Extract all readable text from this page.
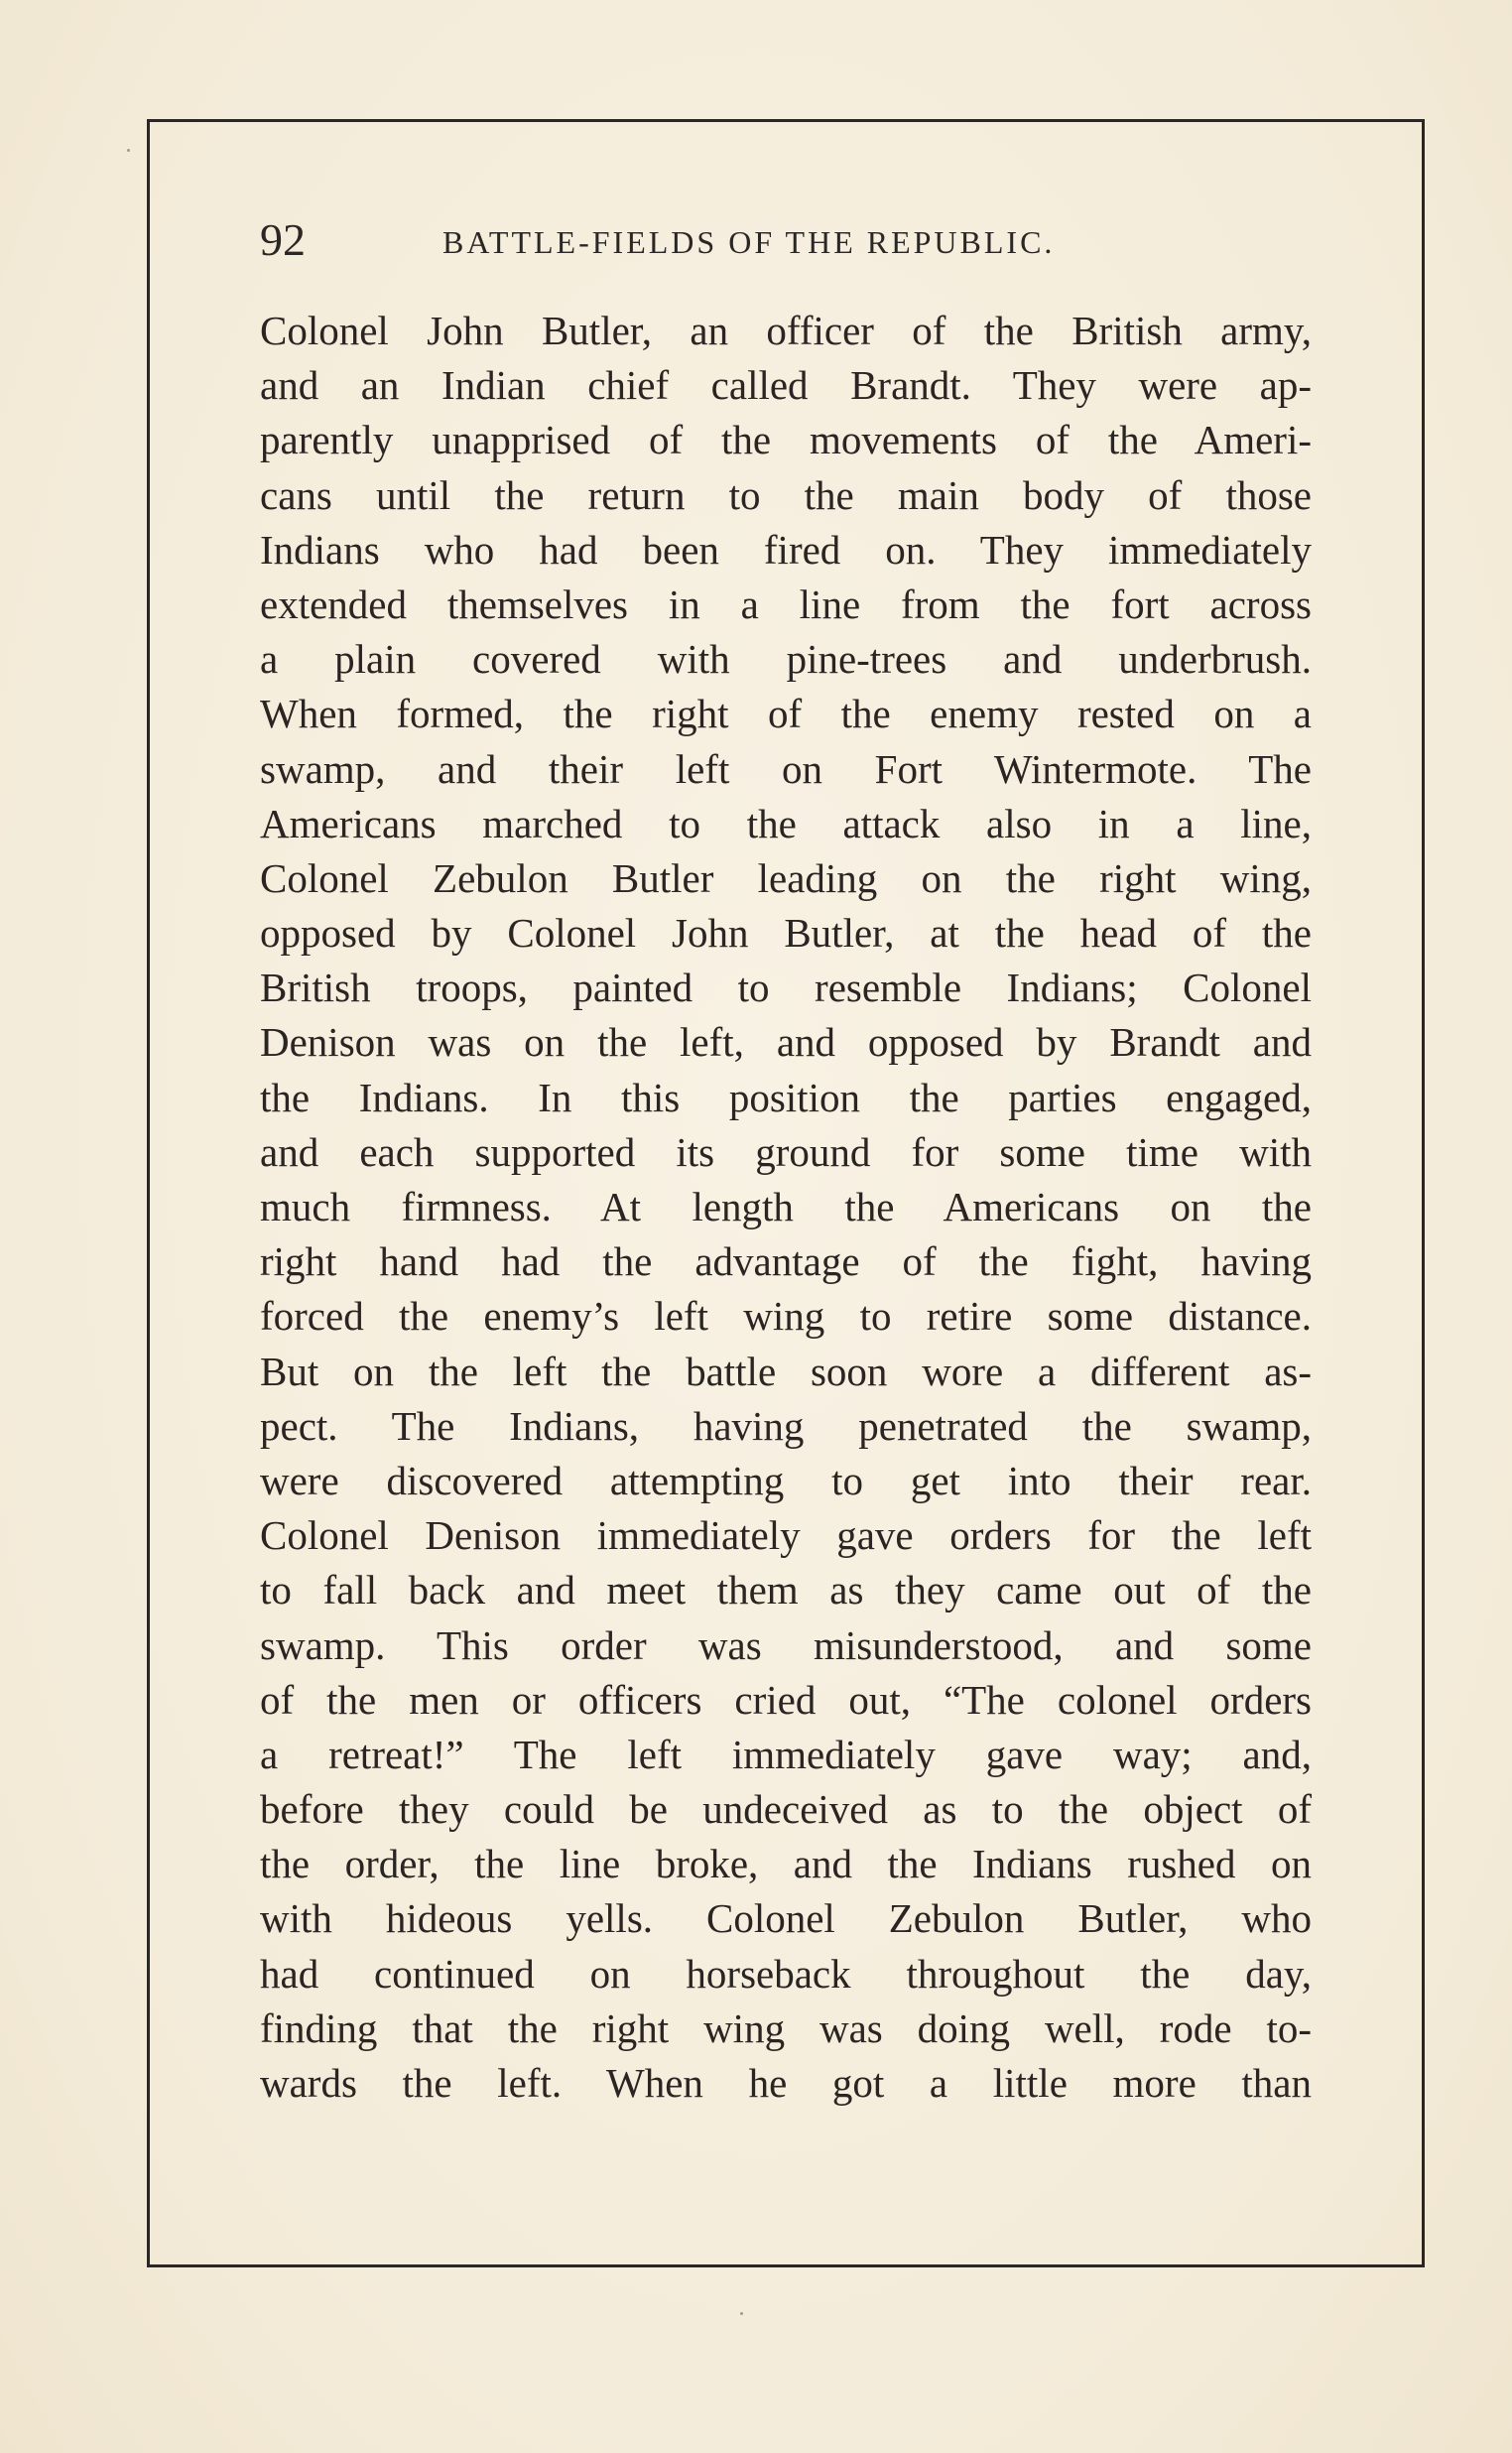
92	BATTLE-FIELDS OF THE REPUBLIC.
Colonel John Butler, an officer of the British army,
and an Indian chief called Brandt. They were ap-
parently unapprised of the movements of the Ameri-
cans until the return to the main body of those
Indians who had been fired on. They immediately
extended themselves in a line from the fort across
a plain covered with pine-trees and underbrush.
When formed, the right of the enemy rested on a
swamp, and their left on Fort Wintermote. The
Americans marched to the attack also in a line,
Colonel Zebulon Butler leading on the right wing,
opposed by Colonel John Butler, at the head of the
British troops, painted to resemble Indians; Colonel
Denison was on the left, and opposed by Brandt and
the Indians. In this position the parties engaged,
and each supported its ground for some time with
much firmness. At length the Americans on the
right hand had the advantage of the fight, having
forced the enemy’s left wing to retire some distance.
But on the left the battle soon wore a different as-
pect. The Indians, having penetrated the swamp,
were discovered attempting to get into their rear.
Colonel Denison immediately gave orders for the left
to fall back and meet them as they came out of the
swamp. This order was misunderstood, and some
of the men or officers cried out, “The colonel orders
a retreat!” The left immediately gave way; and,
before they could be undeceived as to the object of
the order, the line broke, and the Indians rushed on
with hideous yells. Colonel Zebulon Butler, who
had continued on horseback throughout the day,
finding that the right wing was doing well, rode to-
wards the left. When he got a little more than
